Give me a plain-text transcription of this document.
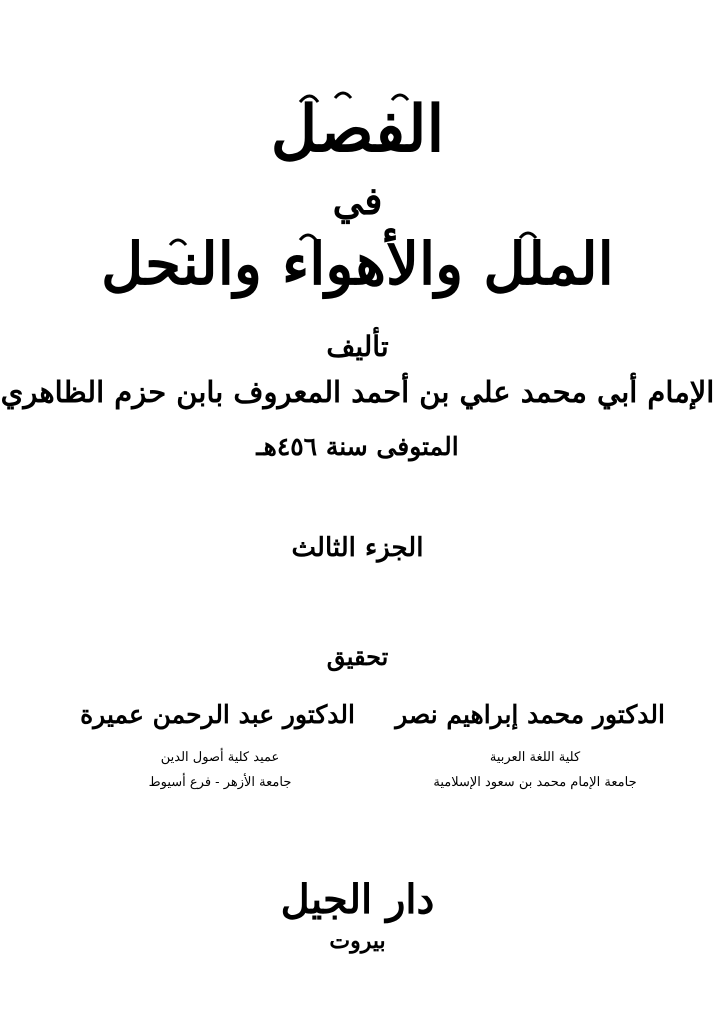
الفصل
في
الملل والأهواء والنحل
تأليف
الإمام أبي محمد علي بن أحمد المعروف بابن حزم الظاهري
المتوفى سنة ٤٥٦هـ
الجزء الثالث
تحقيق
الدكتور محمد إبراهيم نصر
كلية اللغة العربية
جامعة الإمام محمد بن سعود الإسلامية
الدكتور عبد الرحمن عميرة
عميد كلية أصول الدين
جامعة الأزهر - فرع أسيوط
دار الجيل
بيروت
